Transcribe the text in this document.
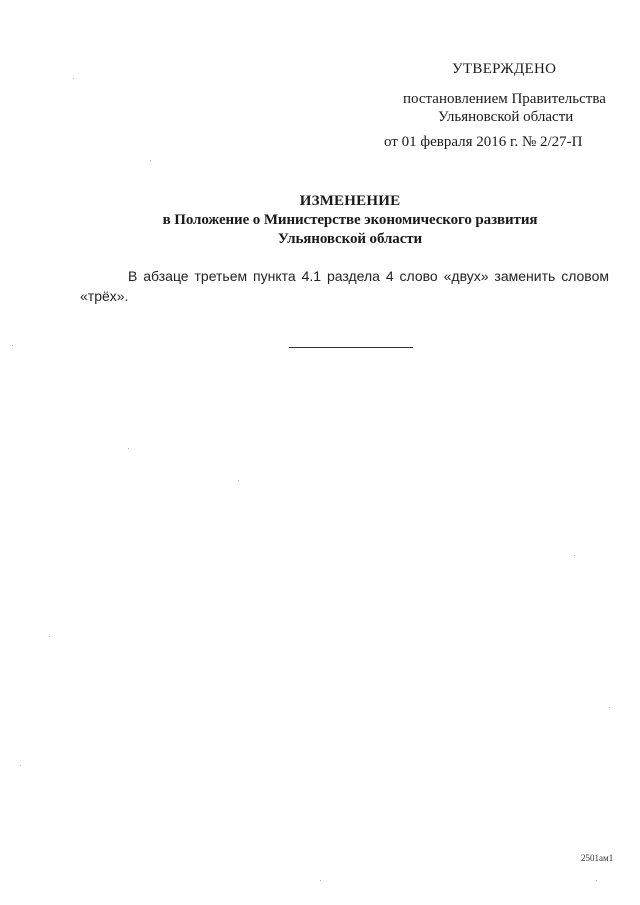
УТВЕРЖДЕНО
постановлением Правительства
Ульяновской области
от 01 февраля 2016 г. № 2/27-П
ИЗМЕНЕНИЕ
в Положение о Министерстве экономического развития
Ульяновской области
В абзаце третьем пункта 4.1 раздела 4 слово «двух» заменить словом
«трёх».
2501ам1
